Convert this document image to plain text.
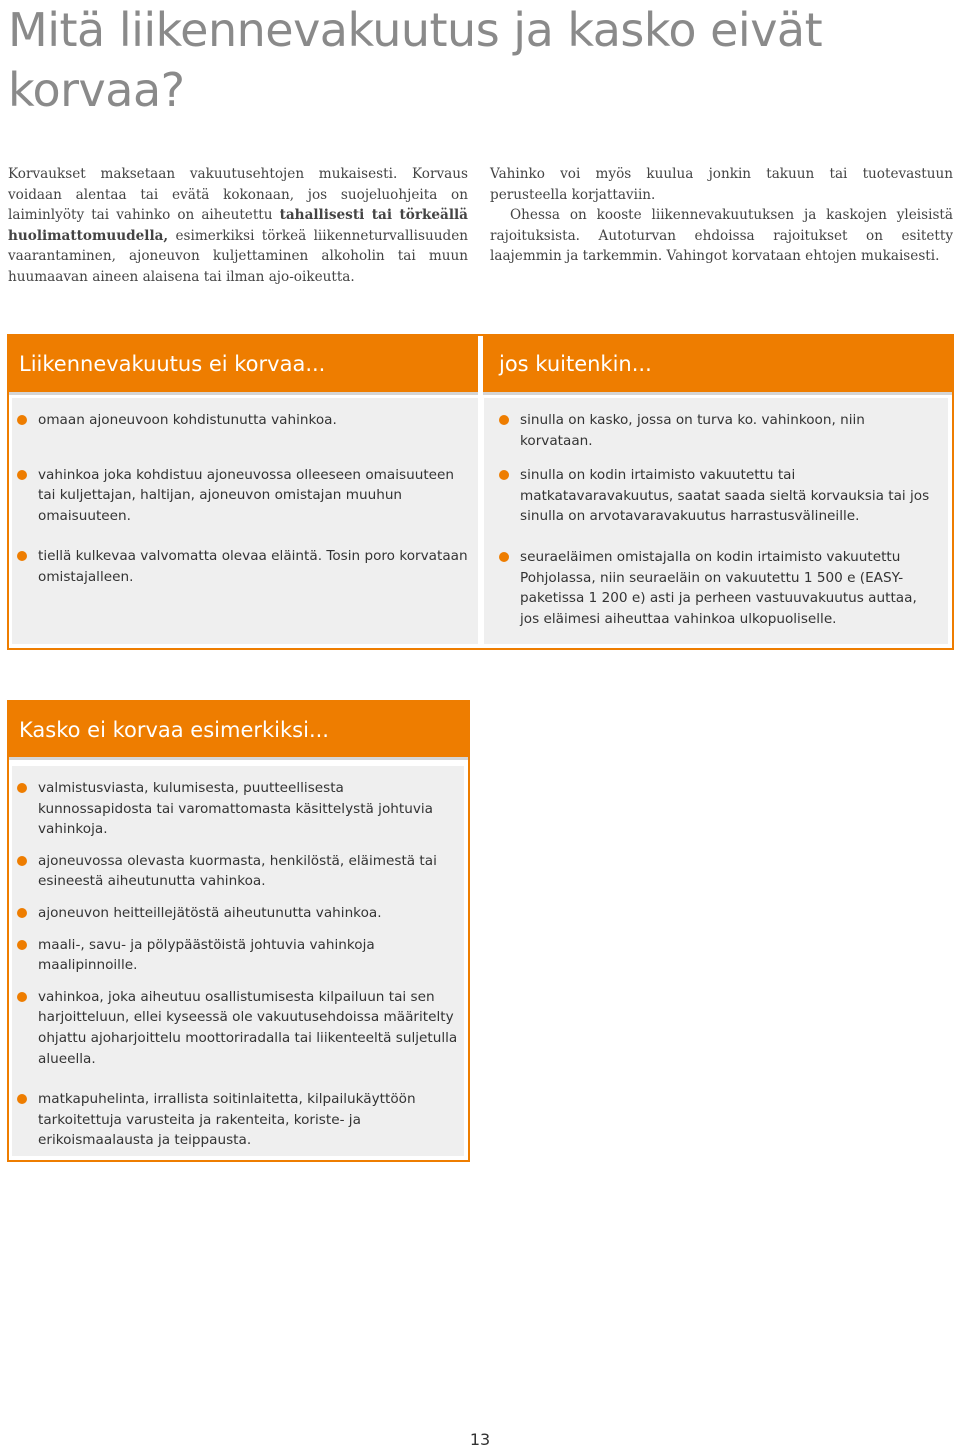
Mitä liikennevakuutus ja kasko eivät korvaa?

Korvaukset maksetaan vakuutusehtojen mukaisesti. Korvaus voidaan alentaa tai evätä kokonaan, jos suojeluohjeita on laiminlyöty tai vahinko on aiheutettu tahallisesti tai törkeällä huolimattomuudella, esimerkiksi törkeä liikenneturvallisuuden vaarantaminen, ajoneuvon kuljettaminen alkoholin tai muun huumaavan aineen alaisena tai ilman ajo-oikeutta.

Vahinko voi myös kuulua jonkin takuun tai tuotevastuun perusteella korjattaviin.

Ohessa on kooste liikennevakuutuksen ja kaskojen yleisistä rajoituksista. Autoturvan ehdoissa rajoitukset on esitetty laajemmin ja tarkemmin. Vahingot korvataan ehtojen mukaisesti.

Liikennevakuutus ei korvaa...	jos kuitenkin...
omaan ajoneuvoon kohdistunutta vahinkoa.
vahinkoa joka kohdistuu ajoneuvossa olleeseen omaisuuteen tai kuljettajan, haltijan, ajoneuvon omistajan muuhun omaisuuteen.
tiellä kulkevaa valvomatta olevaa eläintä. Tosin poro korvataan omistajalleen.
sinulla on kasko, jossa on turva ko. vahinkoon, niin korvataan.
sinulla on kodin irtaimisto vakuutettu tai matkatavaravakuutus, saatat saada sieltä korvauksia tai jos sinulla on arvotavaravakuutus harrastusvälineille.
seuraeläimen omistajalla on kodin irtaimisto vakuutettu Pohjolassa, niin seuraeläin on vakuutettu 1 500 e (EASY-paketissa 1 200 e) asti ja perheen vastuuvakuutus auttaa, jos eläimesi aiheuttaa vahinkoa ulkopuoliselle.
Kasko ei korvaa esimerkiksi...
valmistusviasta, kulumisesta, puutteellisesta kunnossapidosta tai varomattomasta käsittelystä johtuvia vahinkoja.
ajoneuvossa olevasta kuormasta, henkilöstä, eläimestä tai esineestä aiheutunutta vahinkoa.
ajoneuvon heitteillejätöstä aiheutunutta vahinkoa.
maali-, savu- ja pölypäästöistä johtuvia vahinkoja maalipinnoille.
vahinkoa, joka aiheutuu osallistumisesta kilpailuun tai sen harjoitteluun, ellei kyseessä ole vakuutusehdoissa määritelty ohjattu ajoharjoittelu moottoriradalla tai liikenteeltä suljetulla alueella.
matkapuhelinta, irrallista soitinlaitetta, kilpailukäyttöön tarkoitettuja varusteita ja rakenteita, koriste- ja erikoismaalausta ja teippausta.
13
